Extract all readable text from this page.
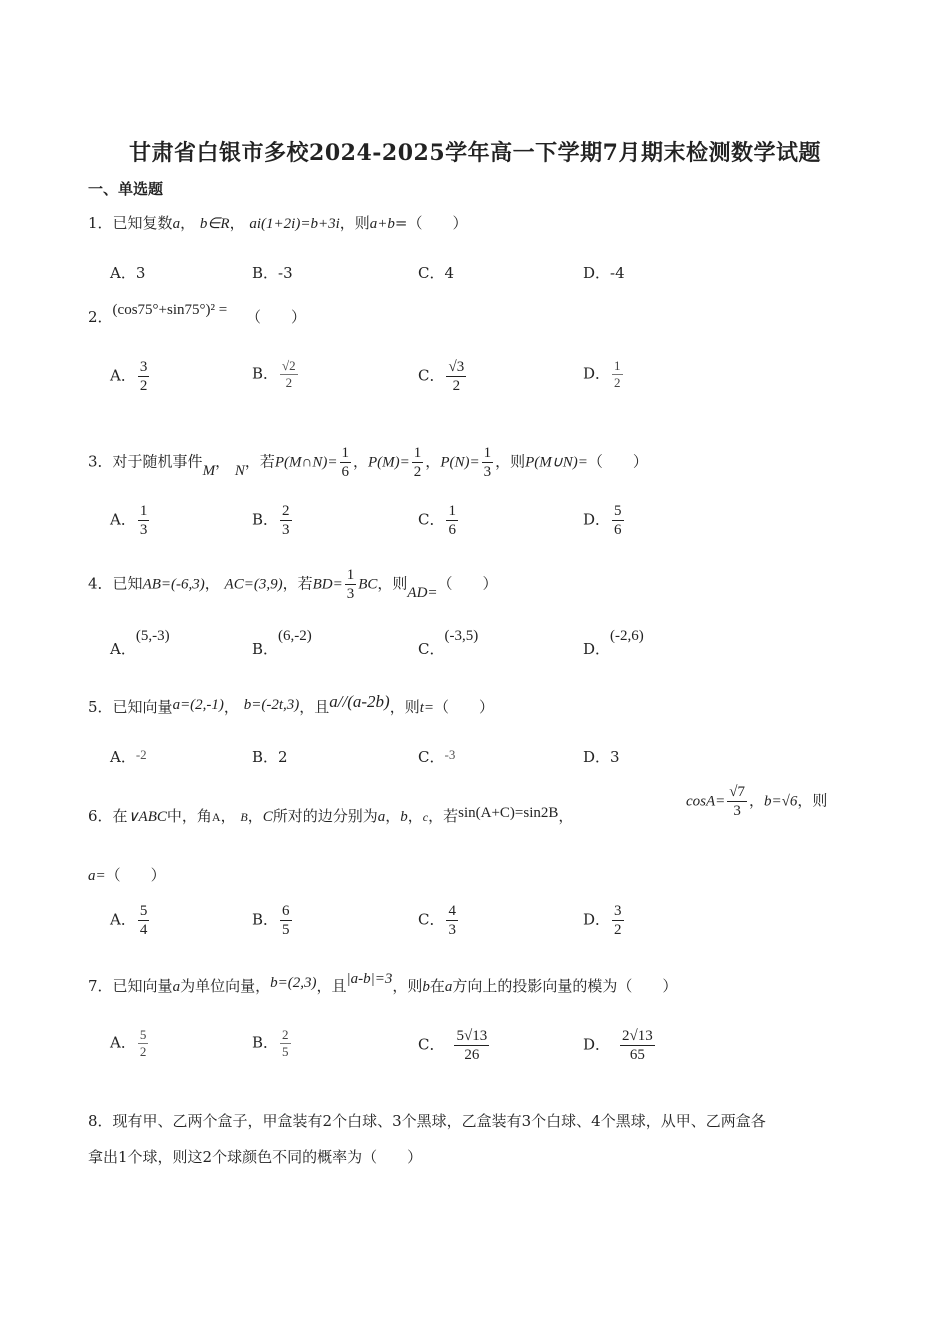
甘肃省白银市多校2024-2025学年高一下学期7月期末检测数学试题
一、单选题
1．已知复数a， b∈R， ai(1+2i)=b+3i，则a+b=（　　）
A．3	B．-3	C．4	D．-4
2．(cos75°+sin75°)² = （　　）
A． $\frac{3}{2}$	B． $\frac{√2}{2}$	C． $\frac{√3}{2}$	D． $\frac{1}{2}$
3．对于随机事件M， N，若P(M∩N)= $\frac{1}{6}$ ，$P(M)= \frac{1}{2}$ ，$P(N)= \frac{1}{3}$ ，则P(M∪N)=（　　）
A． $\frac{1}{3}$	B． $\frac{2}{3}$	C． $\frac{1}{6}$	D． $\frac{5}{6}$
4．已知AB=(-6,3)， AC=(3,9)，若$BD= \frac{1}{3}$ BC，则AD=（　　）
A．(5,-3)
B．(6,-2)
C．(-3,5)
D．(-2,6)
5．已知向量a=(2,-1)， b=(-2t,3)，且a//(a-2b)，则t=（　　）
A．-2	B．2	C．-3	D．3
6．在∨ABC中，角A， B，C所对的边分别为a，b，c，若sin(A+C)=sin2B，
$\cos A= \frac{√7}{3}$ ，b=√6，则
a=（　　）
A． $\frac{5}{4}$	B． $\frac{6}{5}$	C． $\frac{4}{3}$	D． $\frac{3}{2}$
7．已知向量a为单位向量，b=(2,3)，且|a-b|=3，则b在a方向上的投影向量的模为（　　）
A． $\frac{5}{2}$	B． $\frac{2}{5}$	C． $\frac{5√13}{26}$	D． $\frac{2√13}{65}$
8．现有甲、乙两个盒子，甲盒装有2个白球、3个黑球，乙盒装有3个白球、4个黑球，从甲、乙两盒各
拿出1个球，则这2个球颜色不同的概率为（　　）
